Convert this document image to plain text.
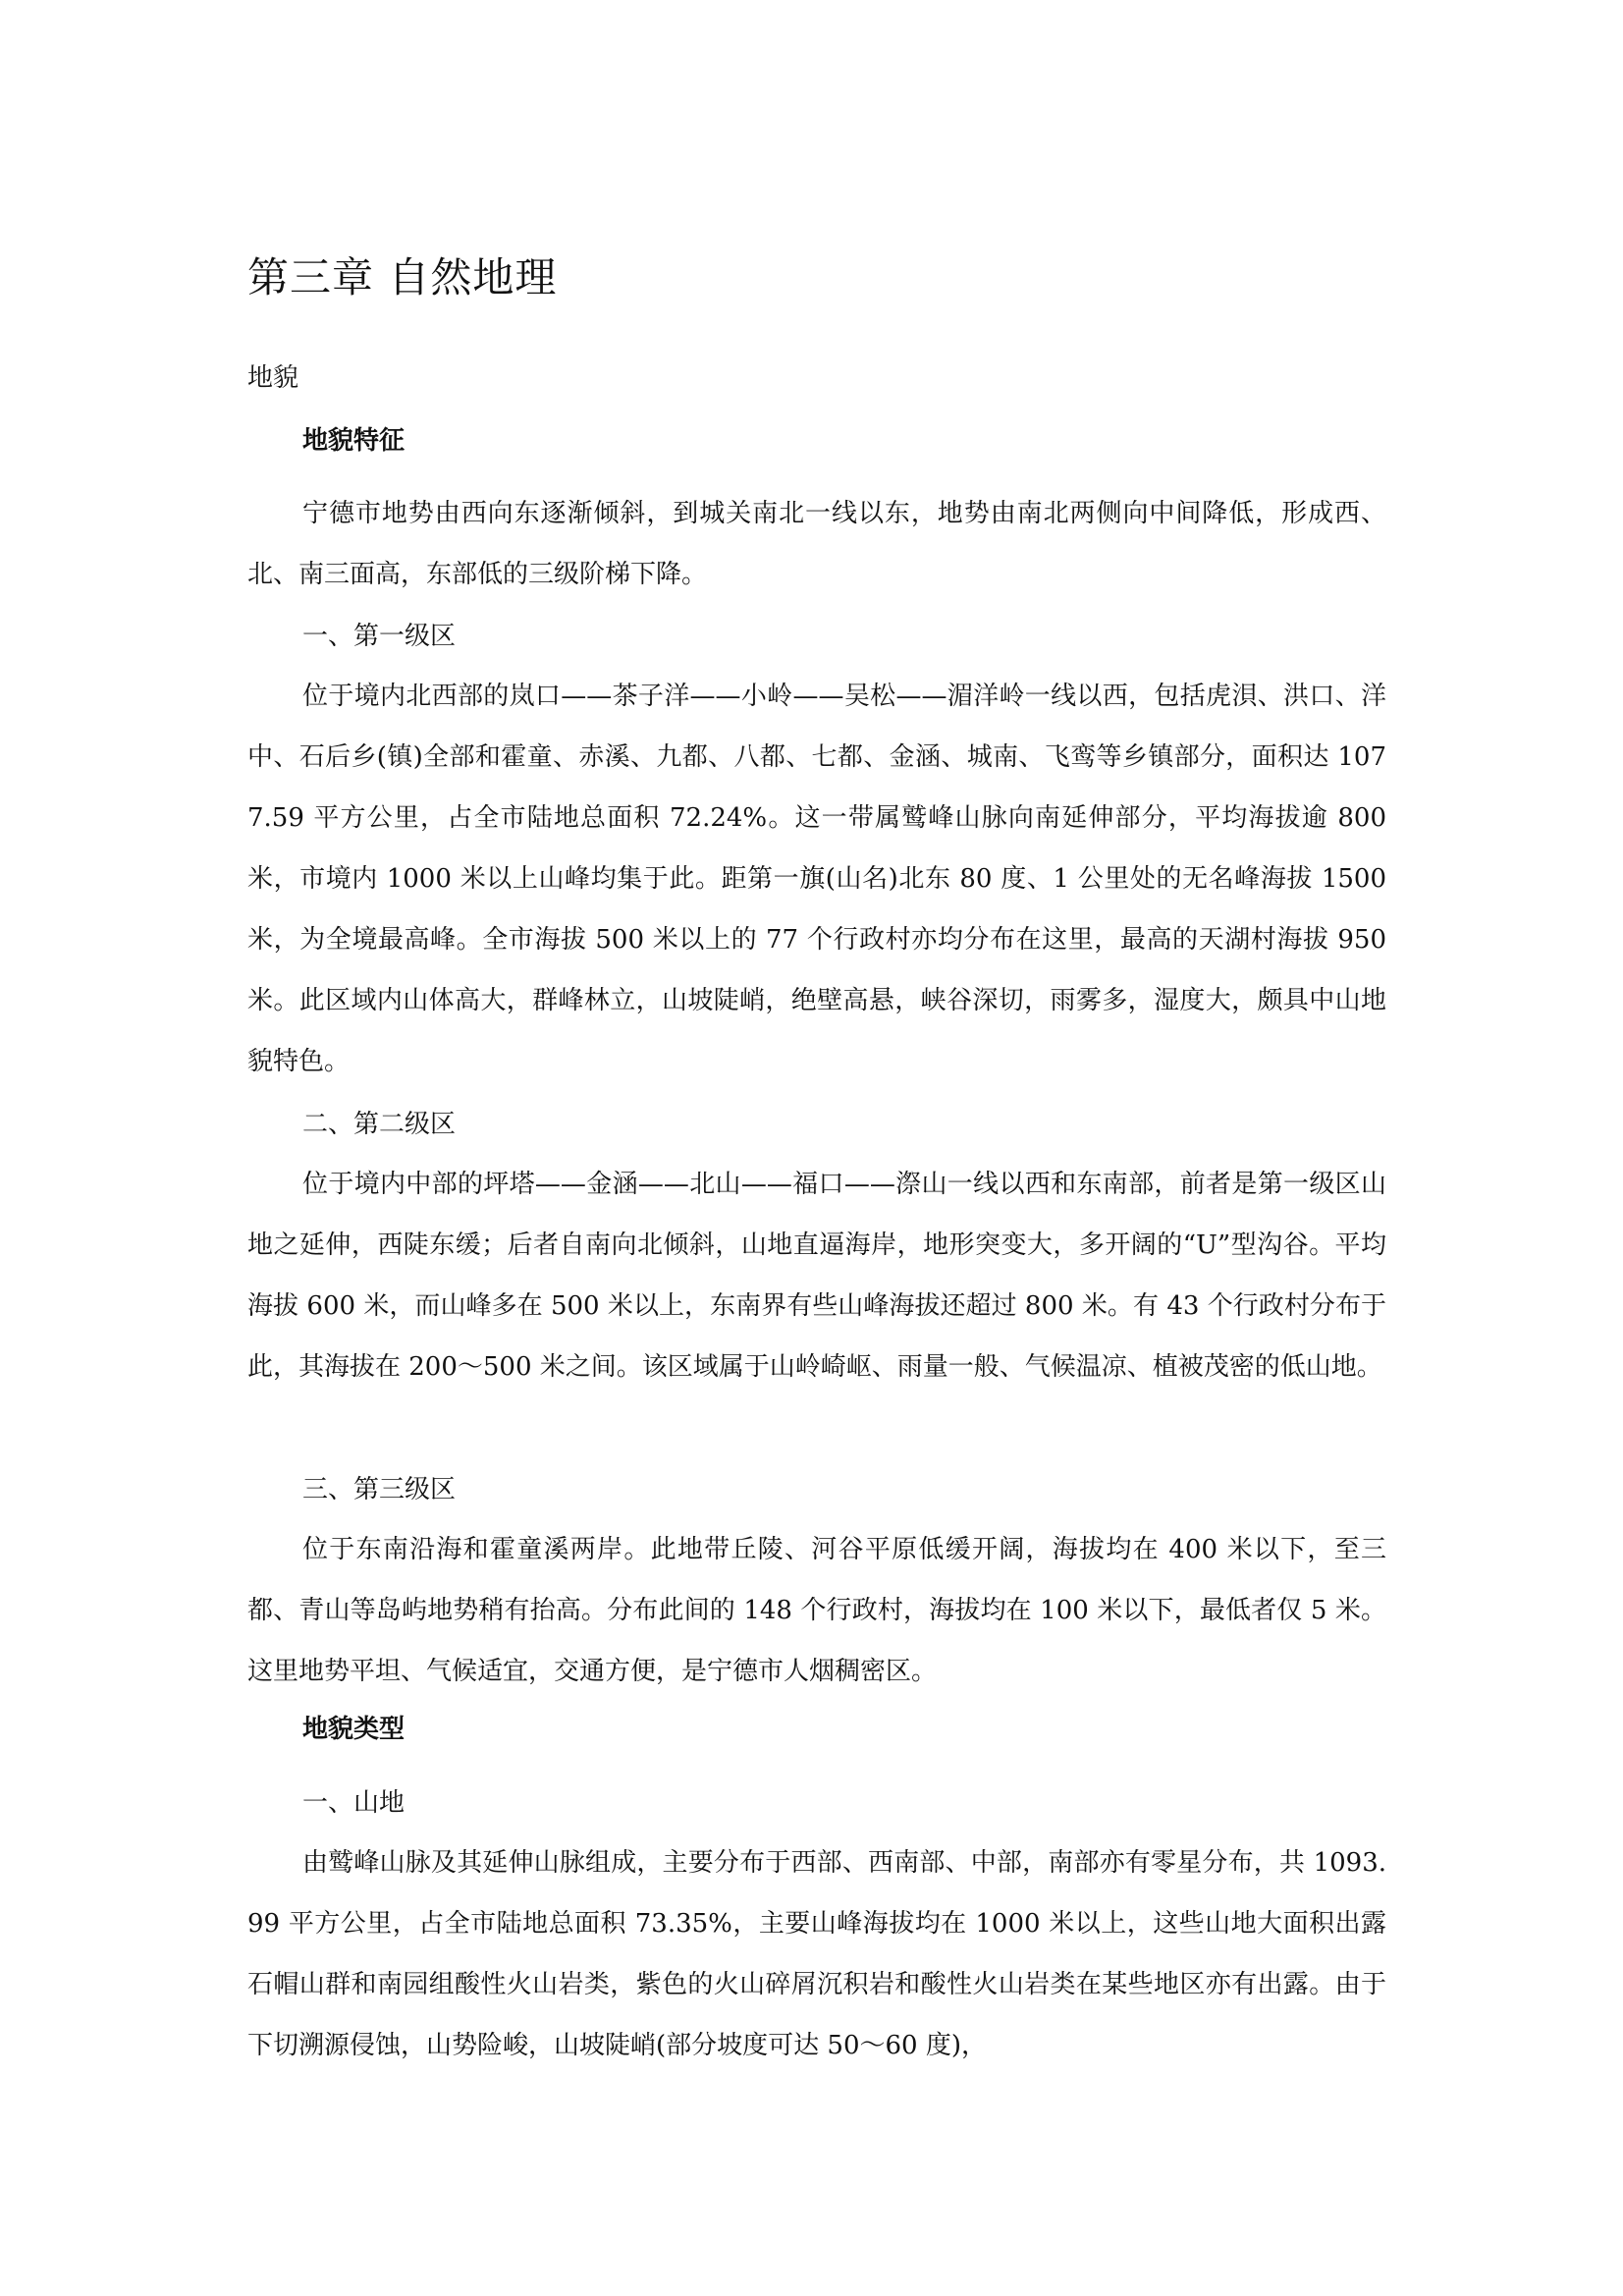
第三章 自然地理
地貌
地貌特征

宁德市地势由西向东逐渐倾斜，到城关南北一线以东，地势由南北两侧向中间降低，形成西、北、南三面高，东部低的三级阶梯下降。

一、第一级区

位于境内北西部的岚口——茶子洋——小岭——吴松——湄洋岭一线以西，包括虎浿、洪口、洋中、石后乡(镇)全部和霍童、赤溪、九都、八都、七都、金涵、城南、飞鸾等乡镇部分，面积达 1077.59 平方公里，占全市陆地总面积 72.24%。这一带属鹫峰山脉向南延伸部分，平均海拔逾 800 米，市境内 1000 米以上山峰均集于此。距第一旗(山名)北东 80 度、1 公里处的无名峰海拔 1500 米，为全境最高峰。全市海拔 500 米以上的 77 个行政村亦均分布在这里，最高的天湖村海拔 950 米。此区域内山体高大，群峰林立，山坡陡峭，绝壁高悬，峡谷深切，雨雾多，湿度大，颇具中山地貌特色。

二、第二级区

位于境内中部的坪塔——金涵——北山——福口——漈山一线以西和东南部，前者是第一级区山地之延伸，西陡东缓；后者自南向北倾斜，山地直逼海岸，地形突变大，多开阔的“U”型沟谷。平均海拔 600 米，而山峰多在 500 米以上，东南界有些山峰海拔还超过 800 米。有 43 个行政村分布于此，其海拔在 200～500 米之间。该区域属于山岭崎岖、雨量一般、气候温凉、植被茂密的低山地。

三、第三级区

位于东南沿海和霍童溪两岸。此地带丘陵、河谷平原低缓开阔，海拔均在 400 米以下，至三都、青山等岛屿地势稍有抬高。分布此间的 148 个行政村，海拔均在 100 米以下，最低者仅 5 米。这里地势平坦、气候适宜，交通方便，是宁德市人烟稠密区。

地貌类型

一、山地

由鹫峰山脉及其延伸山脉组成，主要分布于西部、西南部、中部，南部亦有零星分布，共 1093.99 平方公里，占全市陆地总面积 73.35%，主要山峰海拔均在 1000 米以上，这些山地大面积出露石帽山群和南园组酸性火山岩类，紫色的火山碎屑沉积岩和酸性火山岩类在某些地区亦有出露。由于下切溯源侵蚀，山势险峻，山坡陡峭(部分坡度可达 50～60 度)，
